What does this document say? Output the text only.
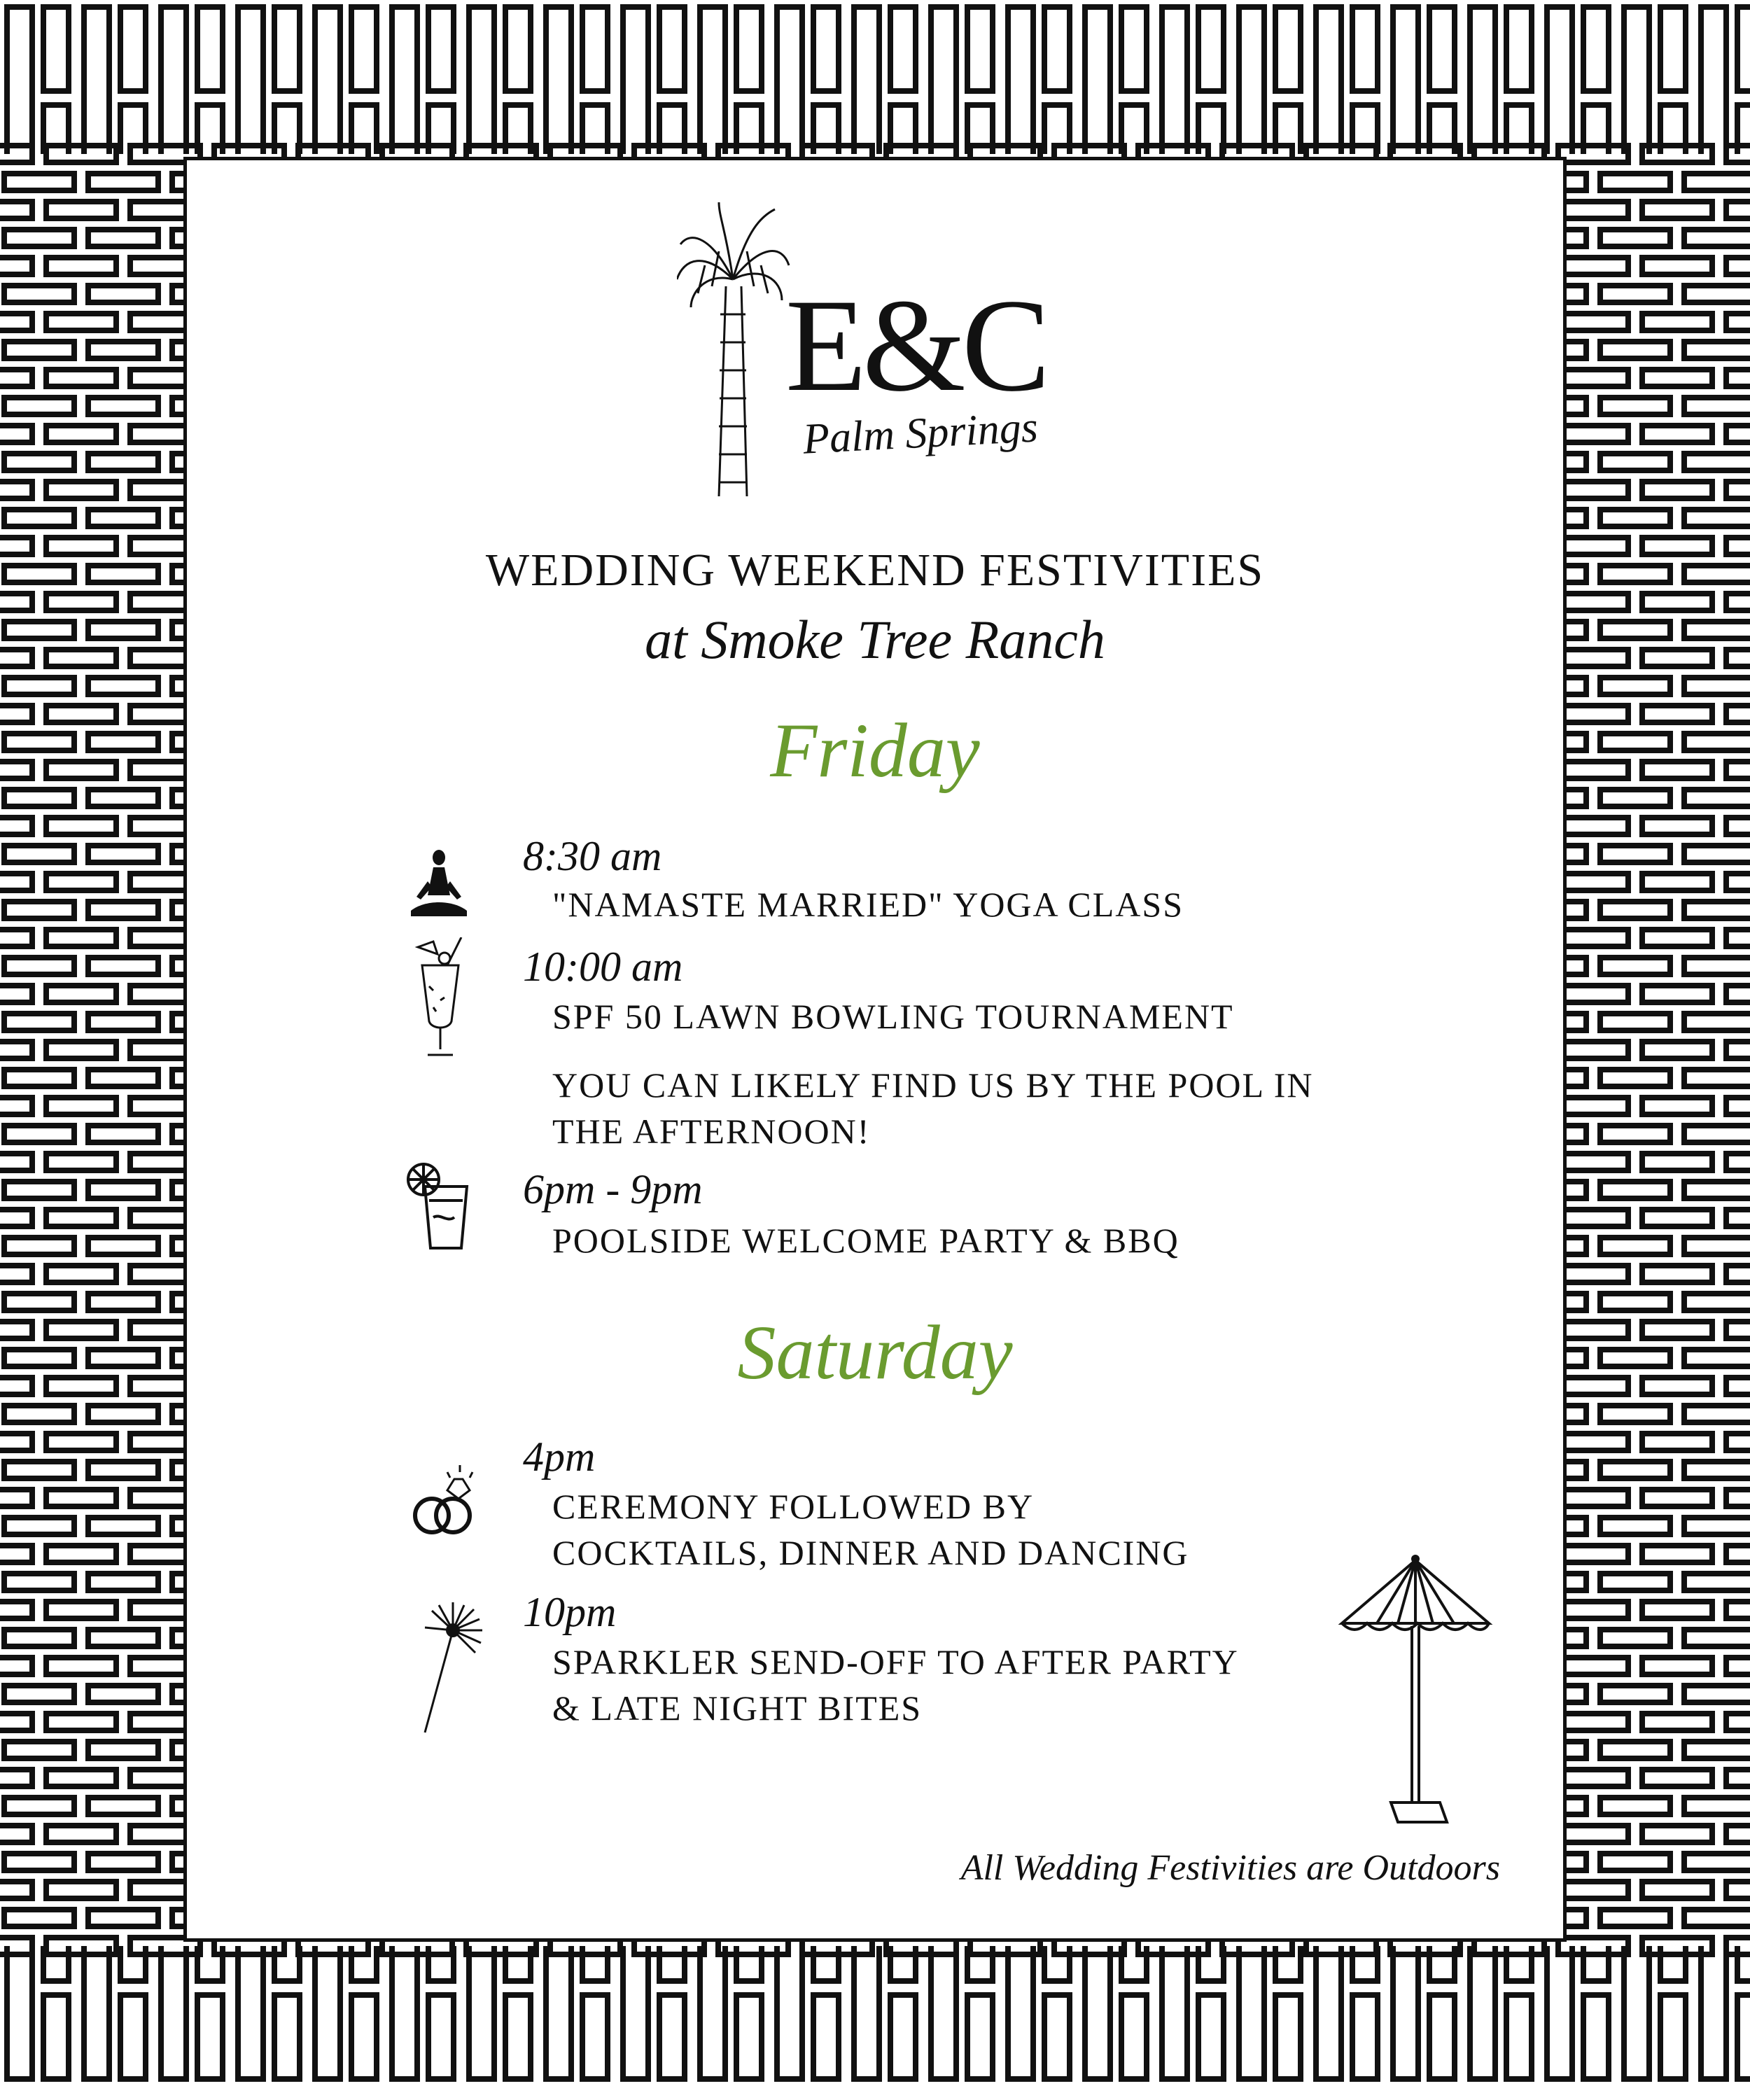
E&C
Palm Springs
WEDDING WEEKEND FESTIVITIES
at Smoke Tree Ranch
Friday
8:30 am
"NAMASTE MARRIED" YOGA CLASS
10:00 am
SPF 50 LAWN BOWLING TOURNAMENT
YOU CAN LIKELY FIND US BY THE POOL IN
THE AFTERNOON!
6pm - 9pm
POOLSIDE WELCOME PARTY & BBQ
Saturday
4pm
CEREMONY FOLLOWED BY
COCKTAILS, DINNER AND DANCING
10pm
SPARKLER SEND-OFF TO AFTER PARTY
& LATE NIGHT BITES
All Wedding Festivities are Outdoors
